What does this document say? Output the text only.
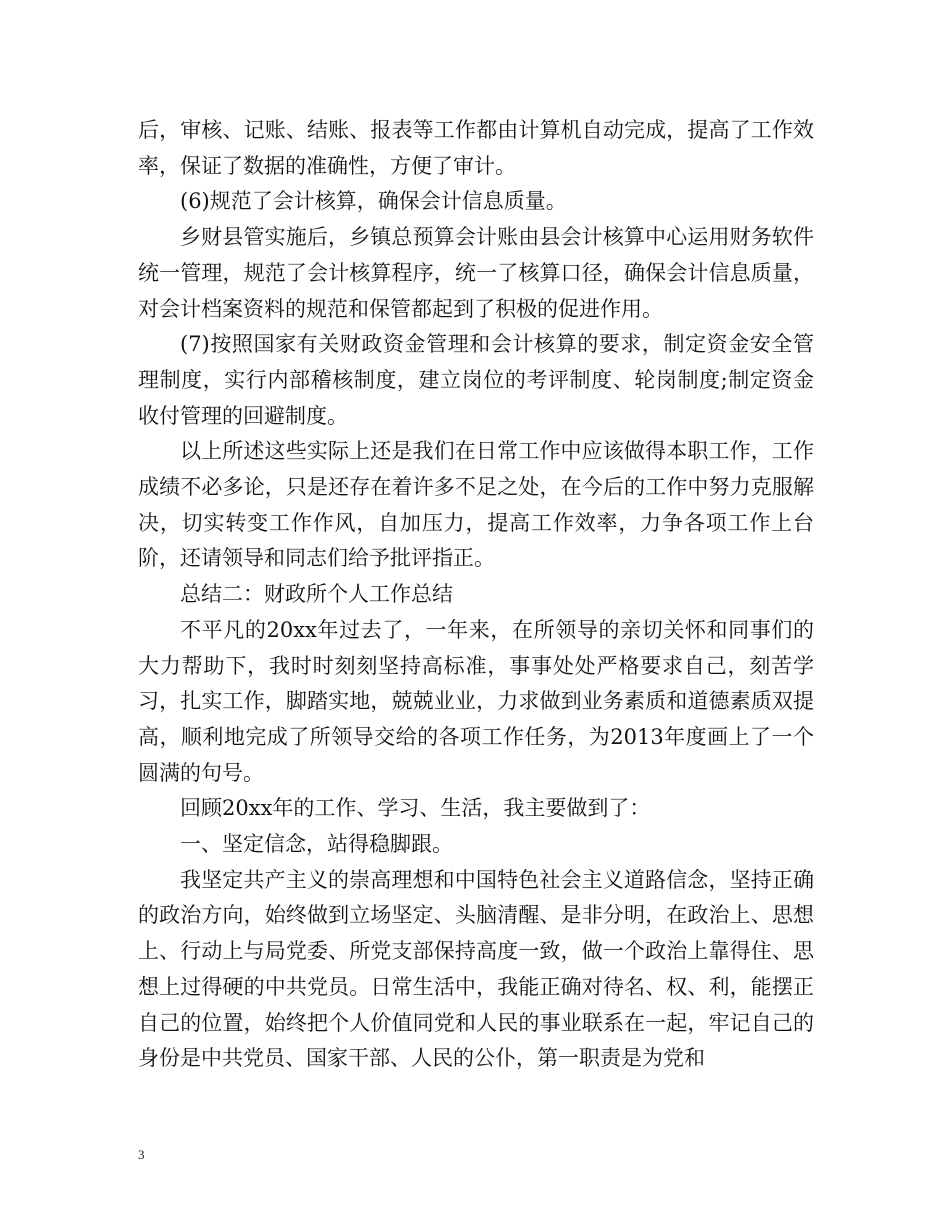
后，审核、记账、结账、报表等工作都由计算机自动完成，提高了工作效率，保证了数据的准确性，方便了审计。

(6)规范了会计核算，确保会计信息质量。

乡财县管实施后，乡镇总预算会计账由县会计核算中心运用财务软件统一管理，规范了会计核算程序，统一了核算口径，确保会计信息质量，对会计档案资料的规范和保管都起到了积极的促进作用。

(7)按照国家有关财政资金管理和会计核算的要求，制定资金安全管理制度，实行内部稽核制度，建立岗位的考评制度、轮岗制度;制定资金收付管理的回避制度。

以上所述这些实际上还是我们在日常工作中应该做得本职工作，工作成绩不必多论，只是还存在着许多不足之处，在今后的工作中努力克服解决，切实转变工作作风，自加压力，提高工作效率，力争各项工作上台阶，还请领导和同志们给予批评指正。

总结二：财政所个人工作总结

不平凡的20xx年过去了，一年来，在所领导的亲切关怀和同事们的大力帮助下，我时时刻刻坚持高标准，事事处处严格要求自己，刻苦学习，扎实工作，脚踏实地，兢兢业业，力求做到业务素质和道德素质双提高，顺利地完成了所领导交给的各项工作任务，为2013年度画上了一个圆满的句号。

回顾20xx年的工作、学习、生活，我主要做到了：

一、坚定信念，站得稳脚跟。

我坚定共产主义的崇高理想和中国特色社会主义道路信念，坚持正确的政治方向，始终做到立场坚定、头脑清醒、是非分明，在政治上、思想上、行动上与局党委、所党支部保持高度一致，做一个政治上靠得住、思想上过得硬的中共党员。日常生活中，我能正确对待名、权、利，能摆正自己的位置，始终把个人价值同党和人民的事业联系在一起，牢记自己的身份是中共党员、国家干部、人民的公仆，第一职责是为党和

3
